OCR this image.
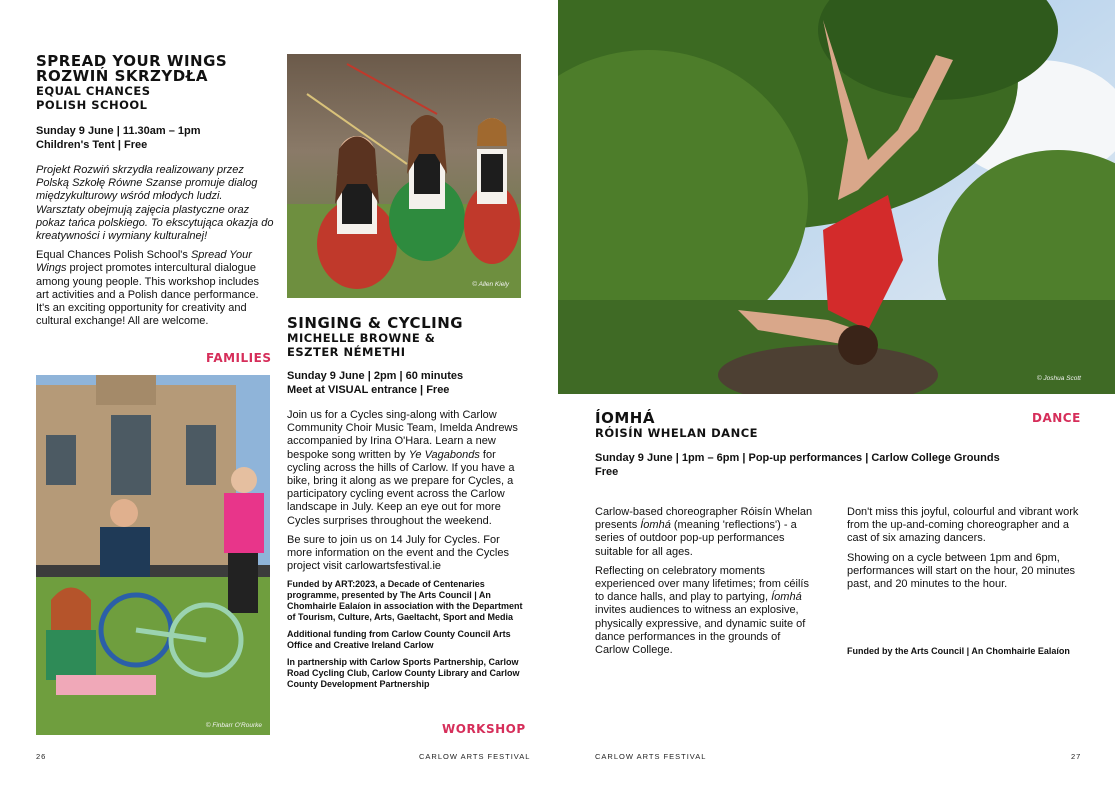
SPREAD YOUR WINGS
ROZWIŃ SKRZYDŁA
EQUAL CHANCES
POLISH SCHOOL
Sunday 9 June | 11.30am – 1pm
Children's Tent | Free

Projekt Rozwiń skrzydła realizowany przez Polską Szkołę Równe Szanse promuje dialog międzykulturowy wśród młodych ludzi. Warsztaty obejmują zajęcia plastyczne oraz pokaz tańca polskiego. To ekscytująca okazja do kreatywności i wymiany kulturalnej!

Equal Chances Polish School's Spread Your Wings project promotes intercultural dialogue among young people. This workshop includes art activities and a Polish dance performance. It's an exciting opportunity for creativity and cultural exchange! All are welcome.

FAMILIES
© Allen Kiely
SINGING & CYCLING
MICHELLE BROWNE &
ESZTER NÉMETHI
Sunday 9 June | 2pm | 60 minutes
Meet at VISUAL entrance | Free

Join us for a Cycles sing-along with Carlow Community Choir Music Team, Imelda Andrews accompanied by Irina O'Hara. Learn a new bespoke song written by Ye Vagabonds for cycling across the hills of Carlow. If you have a bike, bring it along as we prepare for Cycles, a participatory cycling event across the Carlow landscape in July. Keep an eye out for more Cycles surprises throughout the weekend.

Be sure to join us on 14 July for Cycles. For more information on the event and the Cycles project visit carlowartsfestival.ie

Funded by ART:2023, a Decade of Centenaries programme, presented by The Arts Council | An Chomhairle Ealaíon in association with the Department of Tourism, Culture, Arts, Gaeltacht, Sport and Media

Additional funding from Carlow County Council Arts Office and Creative Ireland Carlow

In partnership with Carlow Sports Partnership, Carlow Road Cycling Club, Carlow County Library and Carlow County Development Partnership

WORKSHOP
© Finbarr O'Rourke
26	CARLOW ARTS FESTIVAL
© Joshua Scott
ÍOMHÁ
RÓISÍN WHELAN DANCE
Sunday 9 June | 1pm – 6pm | Pop-up performances | Carlow College Grounds
Free
DANCE

Carlow-based choreographer Róisín Whelan presents Íomhá (meaning 'reflections') - a series of outdoor pop-up performances suitable for all ages.

Reflecting on celebratory moments experienced over many lifetimes; from céilís to dance halls, and play to partying, Íomhá invites audiences to witness an explosive, physically expressive, and dynamic suite of dance performances in the grounds of Carlow College.

Don't miss this joyful, colourful and vibrant work from the up-and-coming choreographer and a cast of six amazing dancers.

Showing on a cycle between 1pm and 6pm, performances will start on the hour, 20 minutes past, and 20 minutes to the hour.

Funded by the Arts Council | An Chomhairle Ealaíon
CARLOW ARTS FESTIVAL	27
